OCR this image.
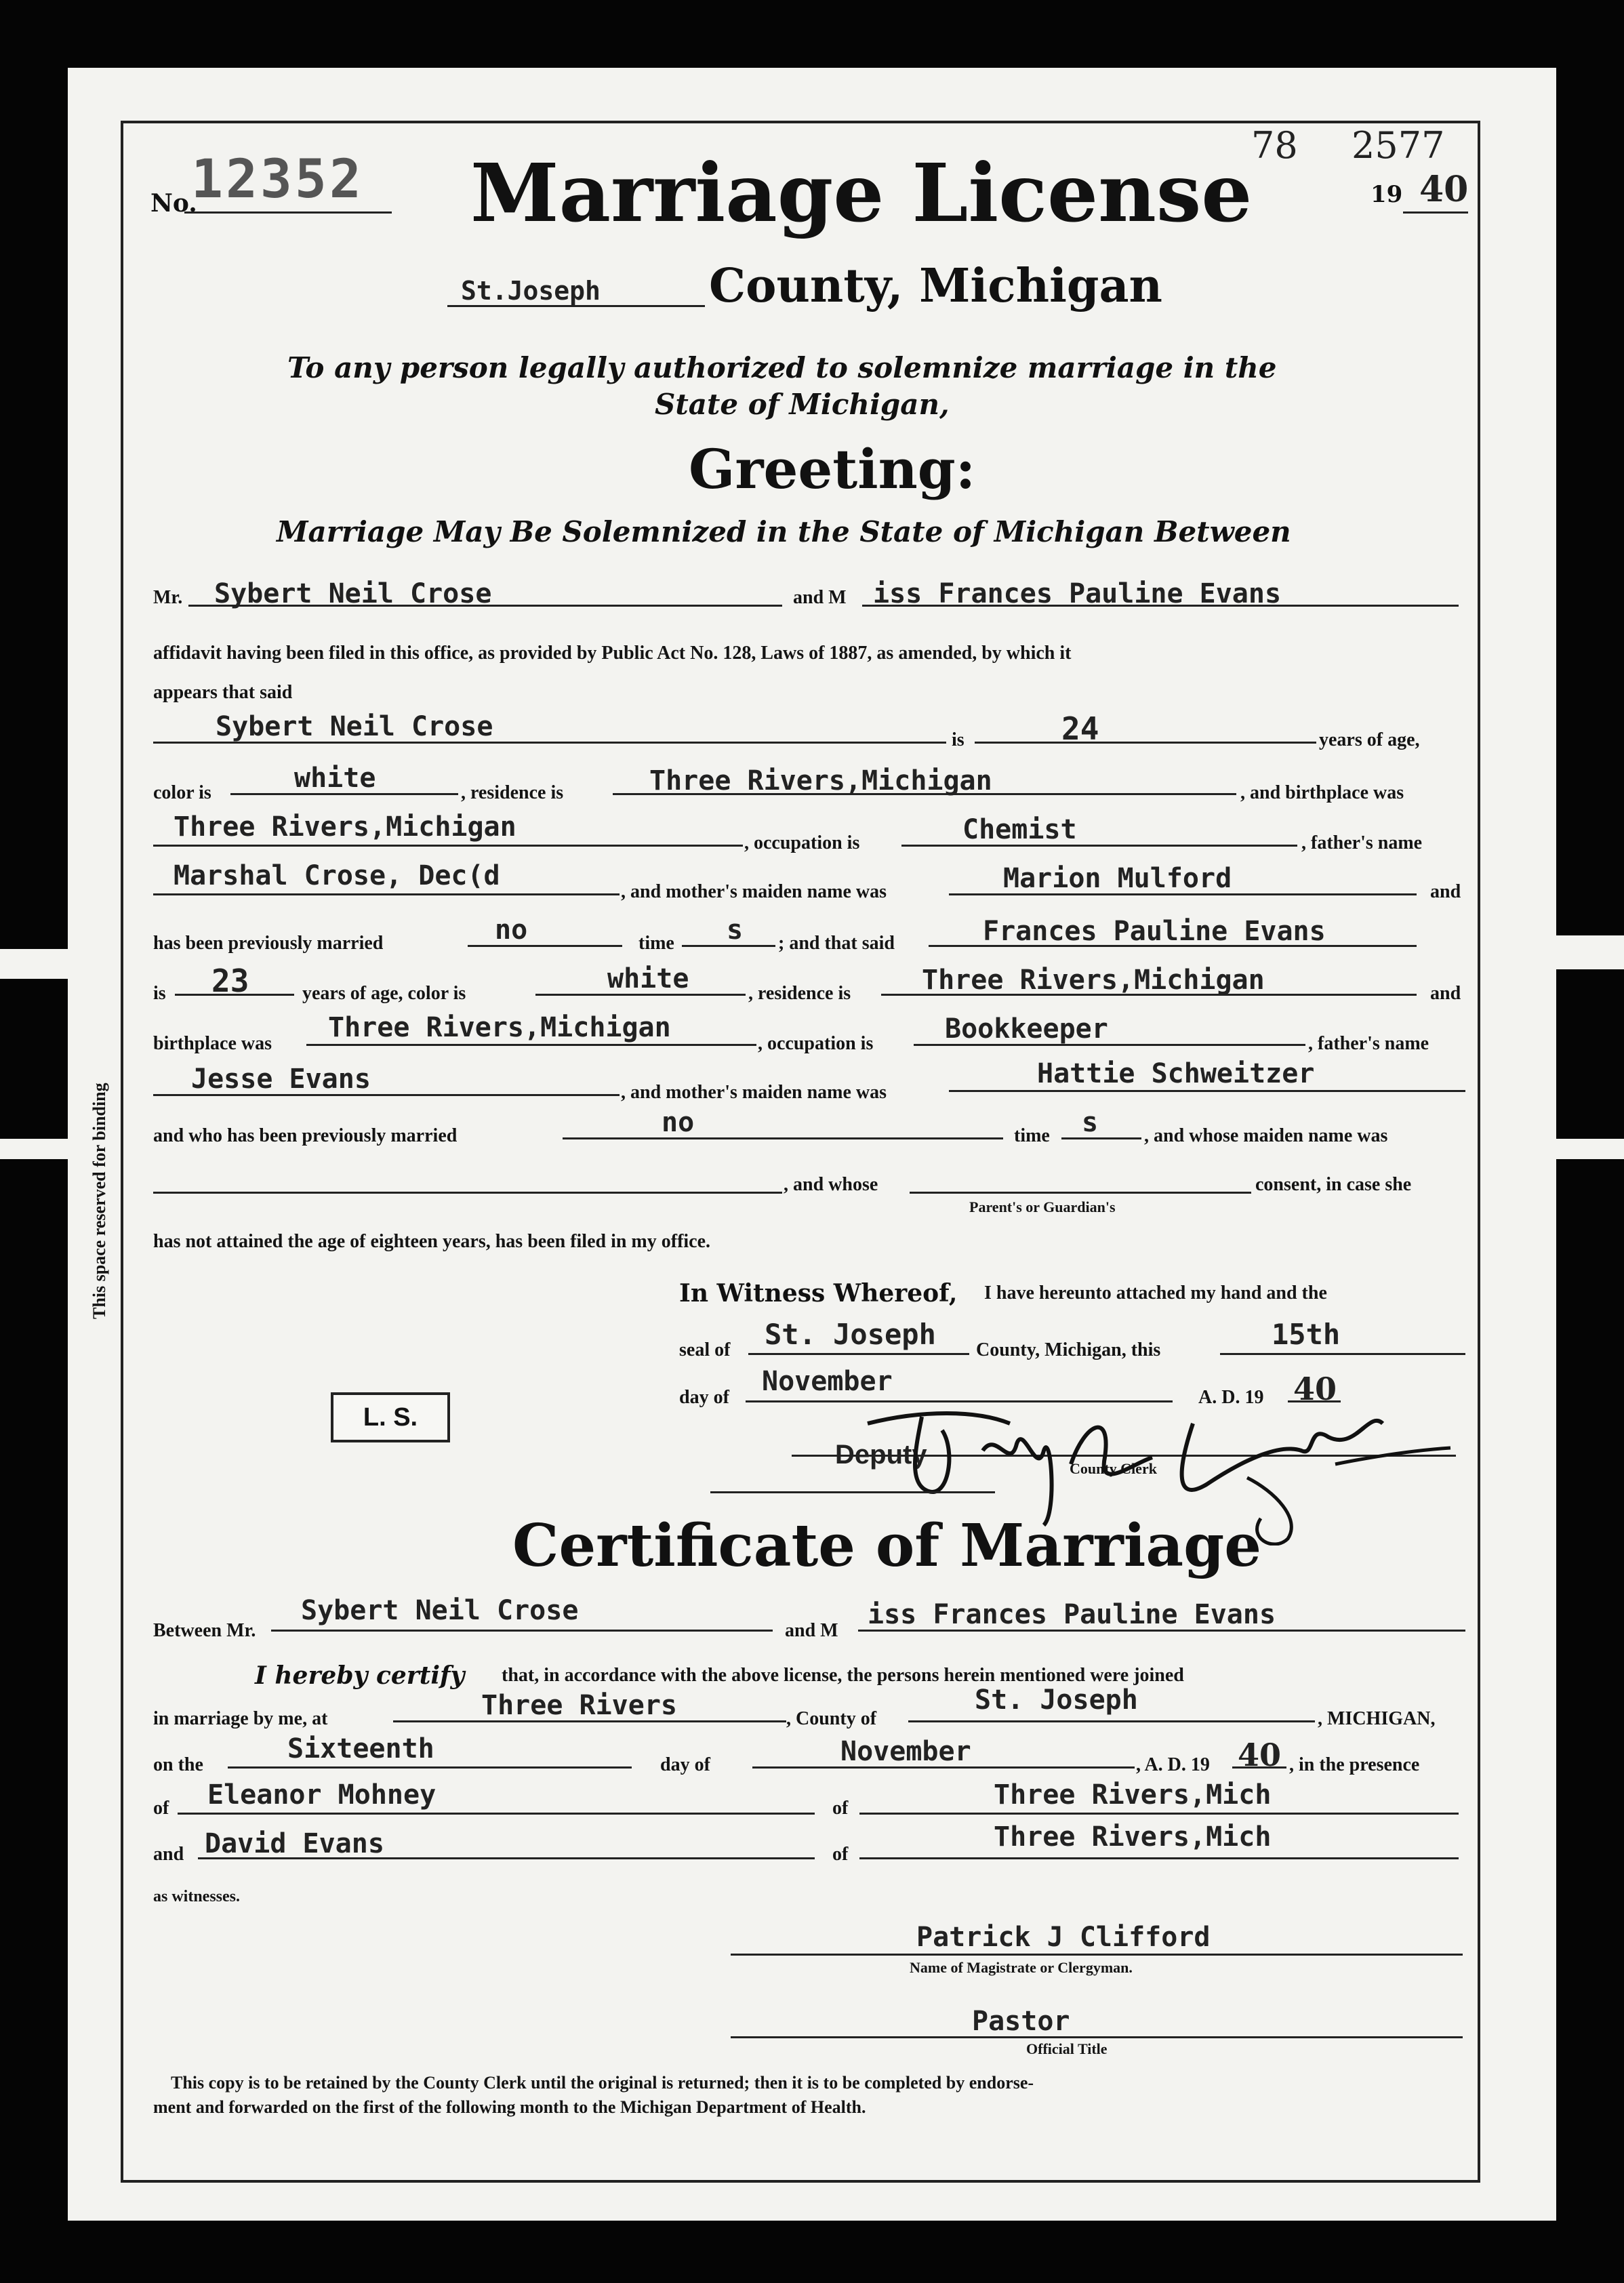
This space reserved for binding
No.
12352 Marriage License
78 2577
19 40
St.Joseph County, Michigan
To any person legally authorized to solemnize marriage in the
State of Michigan,
Greeting:
Marriage May Be Solemnized in the State of Michigan Between
Mr. Sybert Neil Crose	and M iss Frances Pauline Evans
affidavit having been filed in this office, as provided by Public Act No. 128, Laws of 1887, as amended, by which it
appears that said
Sybert Neil Crose	is	24	years of age,
color is	white	, residence is	Three Rivers,Michigan	, and birthplace was
Three Rivers,Michigan
, occupation is	Chemist	, father's name
Marshal Crose, Dec(d
, and mother's maiden name was	Marion Mulford	and
has been previously married	no	time s ; and that said	Frances Pauline Evans
is 23	years of age, color is	white	, residence is	Three Rivers,Michigan	and
birthplace was
Three Rivers,Michigan
, occupation is	Bookkeeper	, father's name
Jesse Evans	, and mother's maiden name was
Hattie Schweitzer
and who has been previously married	no	time s , and whose maiden name was
, and whose	consent, in case she
Parent's or Guardian's
has not attained the age of eighteen years, has been filed in my office.
In Witness Whereof, I have hereunto attached my hand and the
seal of St. Joseph County, Michigan, this	15th
day of
November
A. D. 19 40
L. S.
Deputy	County Clerk
Certificate of Marriage
Between Mr.
Sybert Neil Crose
and M
iss Frances Pauline Evans
I hereby certify that, in accordance with the above license, the persons herein mentioned were joined
in marriage by me, at	Three Rivers	, County of
St. Joseph
, MICHIGAN,
on the
Sixteenth
day of	November	, A. D. 19 40 , in the presence
of Eleanor Mohney	of	Three Rivers,Mich
and David Evans	of
Three Rivers,Mich
as witnesses.
Patrick J Clifford
Name of Magistrate or Clergyman.
Pastor
Official Title
This copy is to be retained by the County Clerk until the original is returned; then it is to be completed by endorse-
ment and forwarded on the first of the following month to the Michigan Department of Health.
